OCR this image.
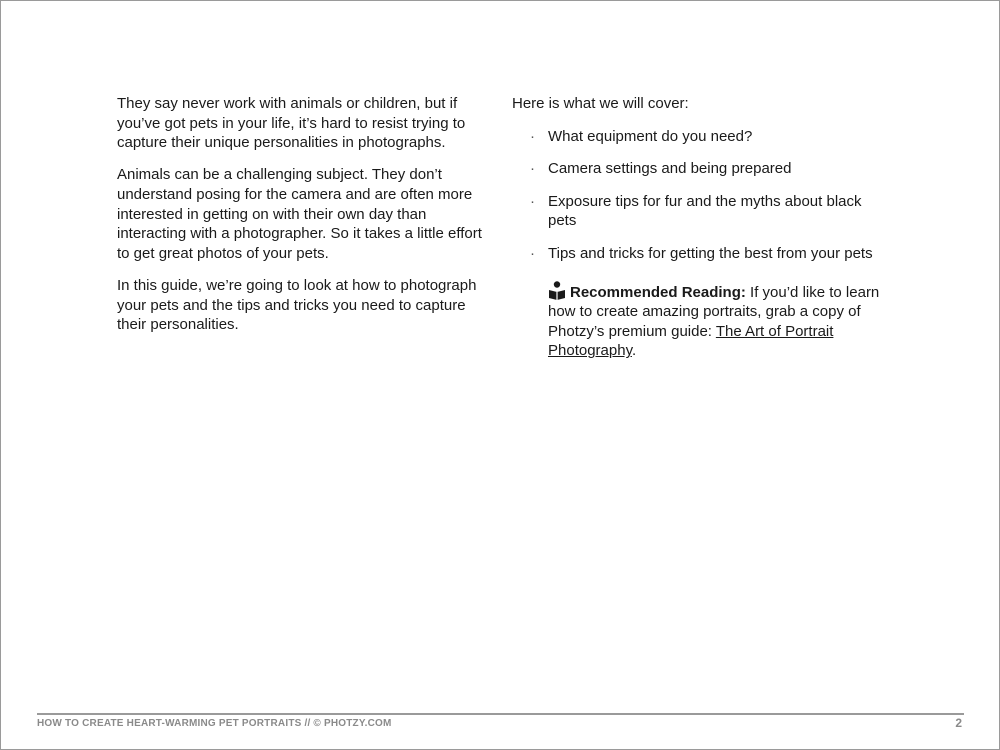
They say never work with animals or children, but if you’ve got pets in your life, it’s hard to resist trying to capture their unique personalities in photographs.

Animals can be a challenging subject. They don’t understand posing for the camera and are often more interested in getting on with their own day than interacting with a photographer. So it takes a little effort to get great photos of your pets.

In this guide, we’re going to look at how to photograph your pets and the tips and tricks you need to capture their personalities.

Here is what we will cover:

· What equipment do you need?
· Camera settings and being prepared
· Exposure tips for fur and the myths about black pets
· Tips and tricks for getting the best from your pets
Recommended Reading: If you’d like to learn how to create amazing portraits, grab a copy of Photzy’s premium guide: The Art of Portrait Photography.
HOW TO CREATE HEART-WARMING PET PORTRAITS // © PHOTZY.COM	2
